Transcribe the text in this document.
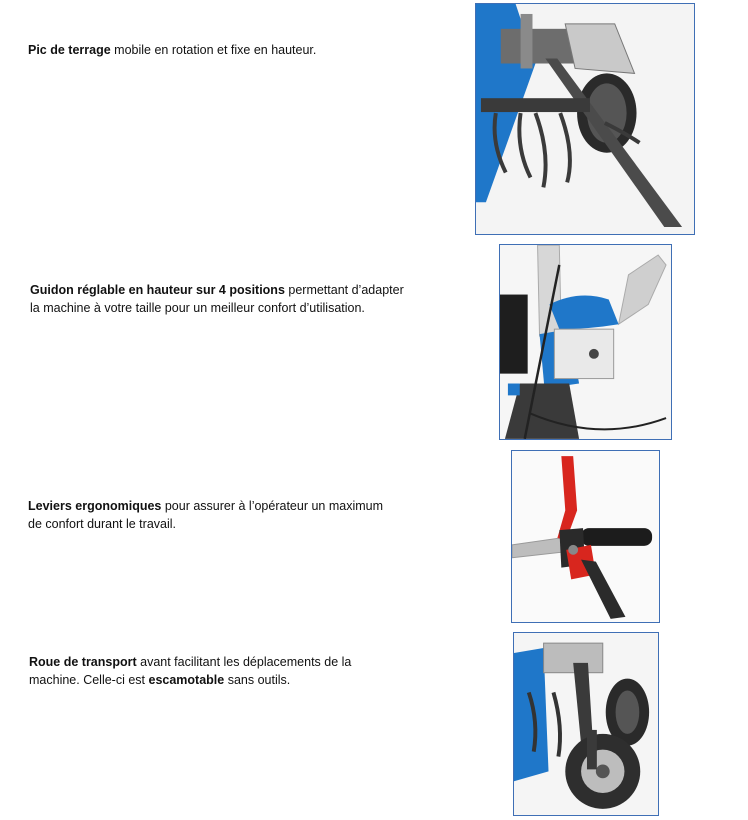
Pic de terrage mobile en rotation et fixe en hauteur.
Guidon réglable en hauteur sur 4 positions permettant d’adapter
la machine à votre taille pour un meilleur confort d’utilisation.
Leviers ergonomiques pour assurer à l’opérateur un maximum
de confort durant le travail.
Roue de transport avant facilitant les déplacements de la
machine. Celle-ci est escamotable sans outils.
